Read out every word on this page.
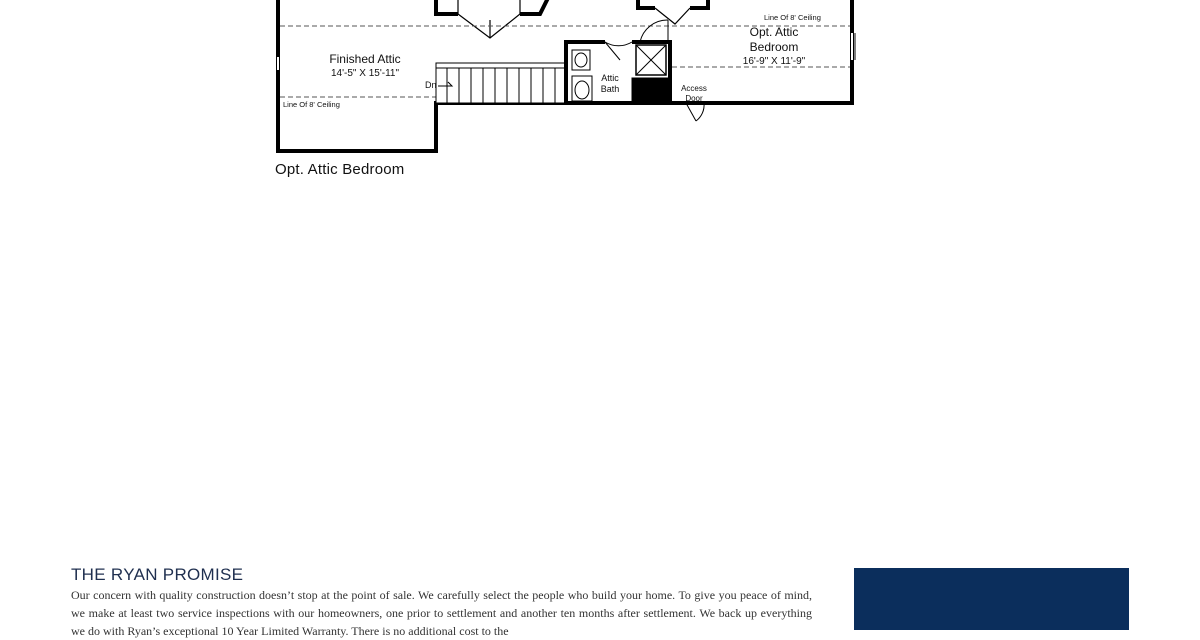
Finished Attic
14'-5" X 15'-11"
Opt. Attic
Bedroom
16'-9" X 11'-9"
Attic
Bath	Access
Door
Dn
Line Of 8' Ceiling
Line Of 8' Ceiling
Opt. Attic Bedroom
THE RYAN PROMISE

Our concern with quality construction doesn’t stop at the point of sale. We carefully select the people who build your home. To give you peace of mind, we make at least two service inspections with our homeowners, one prior to settlement and another ten months after settlement. We back up everything we do with Ryan’s exceptional 10 Year Limited Warranty. There is no additional cost to the
